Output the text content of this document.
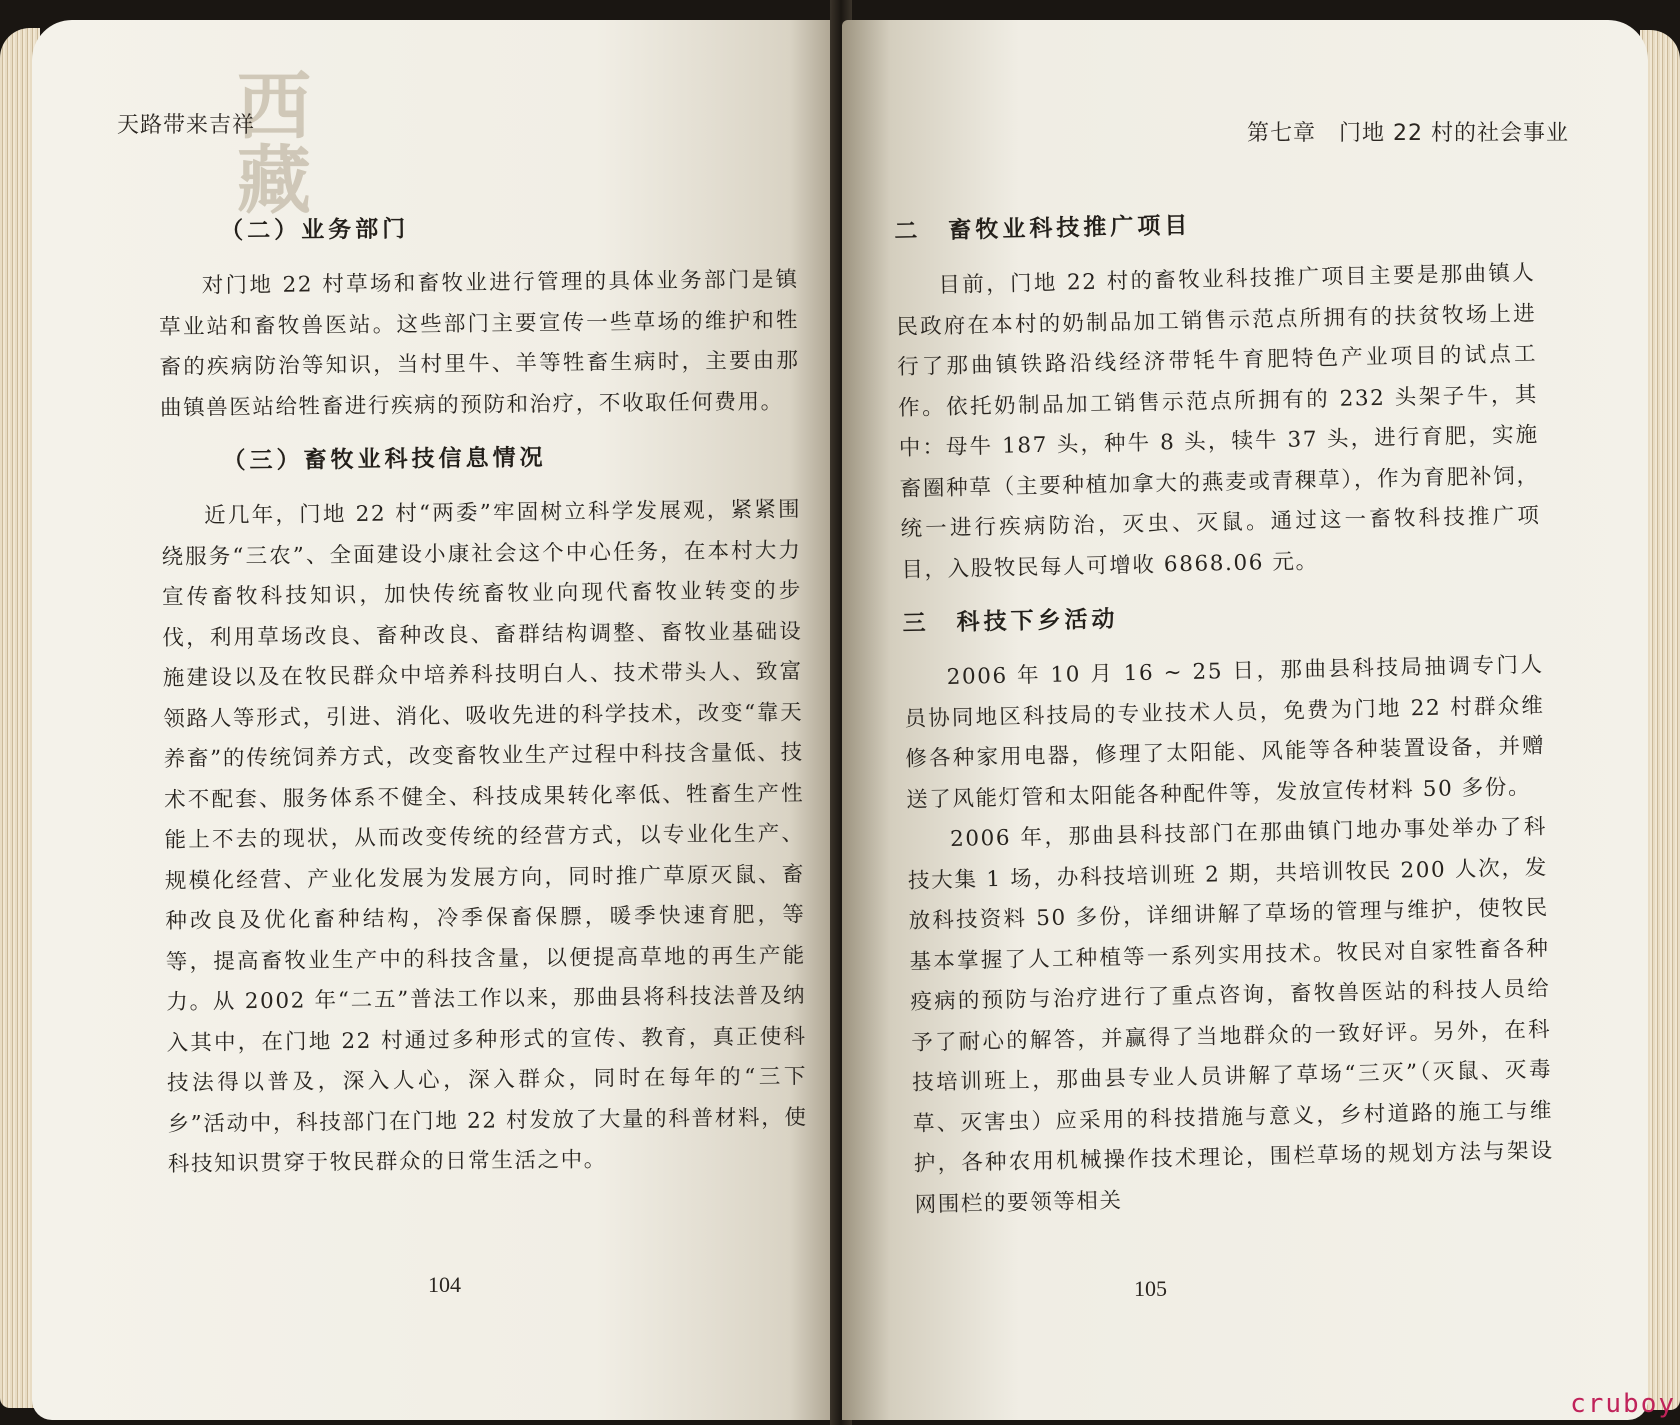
西藏
天路带来吉祥
（二）业务部门

对门地 22 村草场和畜牧业进行管理的具体业务部门是镇草业站和畜牧兽医站。这些部门主要宣传一些草场的维护和牲畜的疾病防治等知识，当村里牛、羊等牲畜生病时，主要由那曲镇兽医站给牲畜进行疾病的预防和治疗，不收取任何费用。

（三）畜牧业科技信息情况

近几年，门地 22 村“两委”牢固树立科学发展观，紧紧围绕服务“三农”、全面建设小康社会这个中心任务，在本村大力宣传畜牧科技知识，加快传统畜牧业向现代畜牧业转变的步伐，利用草场改良、畜种改良、畜群结构调整、畜牧业基础设施建设以及在牧民群众中培养科技明白人、技术带头人、致富领路人等形式，引进、消化、吸收先进的科学技术，改变“靠天养畜”的传统饲养方式，改变畜牧业生产过程中科技含量低、技术不配套、服务体系不健全、科技成果转化率低、牲畜生产性能上不去的现状，从而改变传统的经营方式，以专业化生产、规模化经营、产业化发展为发展方向，同时推广草原灭鼠、畜种改良及优化畜种结构，冷季保畜保膘，暖季快速育肥，等等，提高畜牧业生产中的科技含量，以便提高草地的再生产能力。从 2002 年“二五”普法工作以来，那曲县将科技法普及纳入其中，在门地 22 村通过多种形式的宣传、教育，真正使科技法得以普及，深入人心，深入群众，同时在每年的“三下乡”活动中，科技部门在门地 22 村发放了大量的科普材料，使科技知识贯穿于牧民群众的日常生活之中。

104
第七章　门地 22 村的社会事业
二　畜牧业科技推广项目

目前，门地 22 村的畜牧业科技推广项目主要是那曲镇人民政府在本村的奶制品加工销售示范点所拥有的扶贫牧场上进行了那曲镇铁路沿线经济带牦牛育肥特色产业项目的试点工作。依托奶制品加工销售示范点所拥有的 232 头架子牛，其中：母牛 187 头，种牛 8 头，犊牛 37 头，进行育肥，实施畜圈种草（主要种植加拿大的燕麦或青稞草），作为育肥补饲，统一进行疾病防治，灭虫、灭鼠。通过这一畜牧科技推广项目，入股牧民每人可增收 6868.06 元。

三　科技下乡活动

2006 年 10 月 16 ~ 25 日，那曲县科技局抽调专门人员协同地区科技局的专业技术人员，免费为门地 22 村群众维修各种家用电器，修理了太阳能、风能等各种装置设备，并赠送了风能灯管和太阳能各种配件等，发放宣传材料 50 多份。

2006 年，那曲县科技部门在那曲镇门地办事处举办了科技大集 1 场，办科技培训班 2 期，共培训牧民 200 人次，发放科技资料 50 多份，详细讲解了草场的管理与维护，使牧民基本掌握了人工种植等一系列实用技术。牧民对自家牲畜各种疫病的预防与治疗进行了重点咨询，畜牧兽医站的科技人员给予了耐心的解答，并赢得了当地群众的一致好评。另外，在科技培训班上，那曲县专业人员讲解了草场“三灭”（灭鼠、灭毒草、灭害虫）应采用的科技措施与意义，乡村道路的施工与维护，各种农用机械操作技术理论，围栏草场的规划方法与架设网围栏的要领等相关

105
cruboy
